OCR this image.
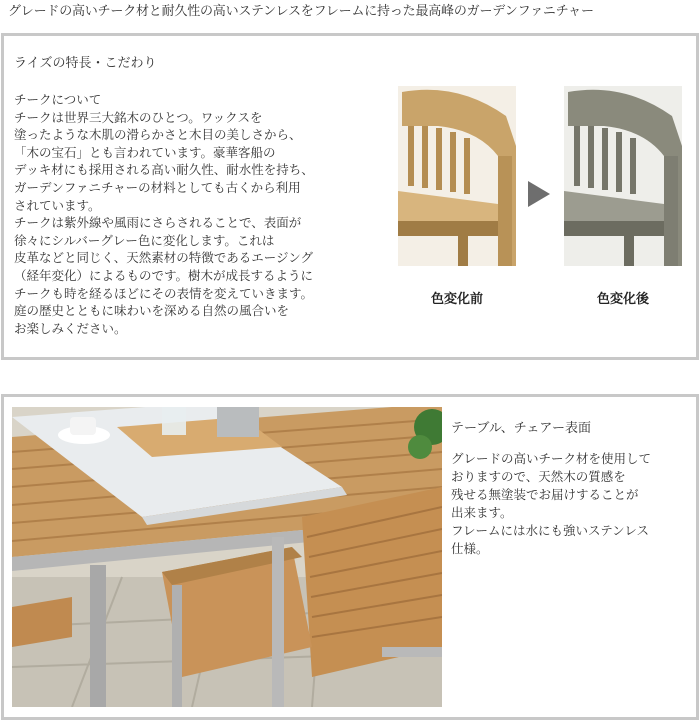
グレードの高いチーク材と耐久性の高いステンレスをフレームに持った最高峰のガーデンファニチャー
ライズの特長・こだわり
チークについて
チークは世界三大銘木のひとつ。ワックスを
塗ったような木肌の滑らかさと木目の美しさから、
「木の宝石」とも言われています。豪華客船の
デッキ材にも採用される高い耐久性、耐水性を持ち、
ガーデンファニチャーの材料としても古くから利用
されています。
チークは紫外線や風雨にさらされることで、表面が
徐々にシルバーグレー色に変化します。これは
皮革などと同じく、天然素材の特徴であるエージング
（経年変化）によるものです。樹木が成長するように
チークも時を経るほどにその表情を変えていきます。
庭の歴史とともに味わいを深める自然の風合いを
お楽しみください。
色変化前	色変化後
テーブル、チェアー表面
グレードの高いチーク材を使用して
おりますので、天然木の質感を
残せる無塗装でお届けすることが
出来ます。
フレームには水にも強いステンレス
仕様。
